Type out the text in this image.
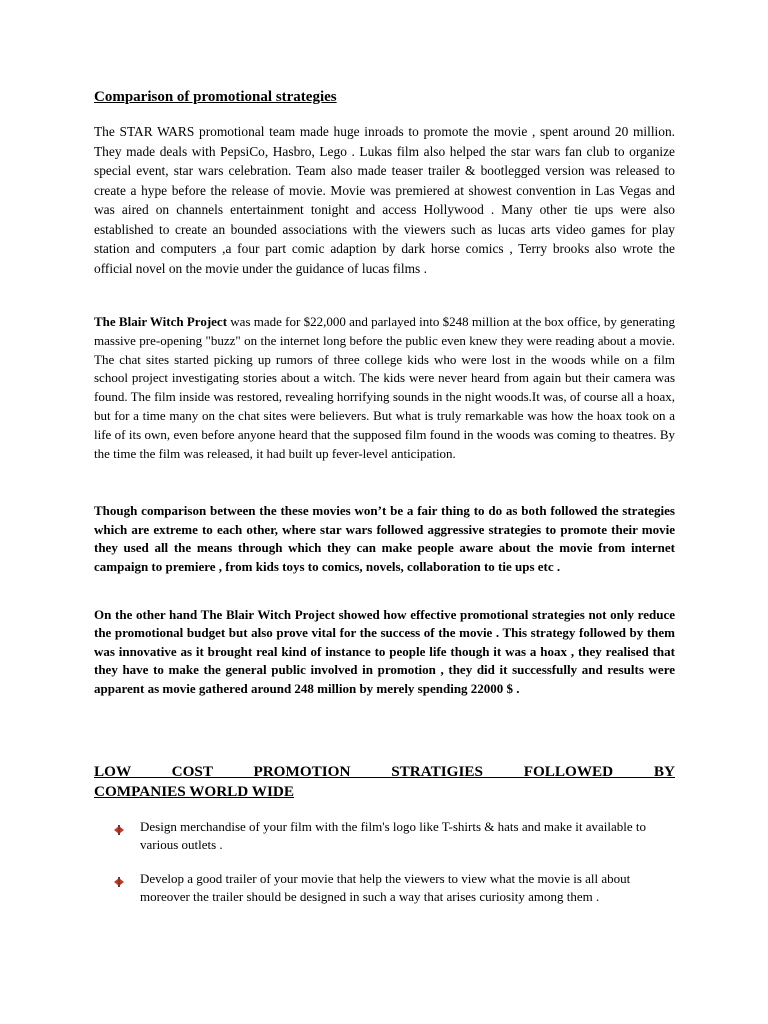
Comparison of promotional strategies

The STAR WARS promotional team made huge inroads to promote the movie , spent around 20 million. They made deals with PepsiCo, Hasbro, Lego . Lukas film also helped the star wars fan club to organize special event, star wars celebration. Team also made teaser trailer & bootlegged version was released to create a hype before the release of movie. Movie was premiered at showest convention in Las Vegas and was aired on channels entertainment tonight and access Hollywood . Many other tie ups were also established to create an bounded associations with the viewers such as lucas arts video games for play station and computers ,a four part comic adaption by dark horse comics , Terry brooks also wrote the official novel on the movie under the guidance of lucas films .

The Blair Witch Project was made for $22,000 and parlayed into $248 million at the box office, by generating massive pre-opening "buzz" on the internet long before the public even knew they were reading about a movie. The chat sites started picking up rumors of three college kids who were lost in the woods while on a film school project investigating stories about a witch. The kids were never heard from again but their camera was found. The film inside was restored, revealing horrifying sounds in the night woods.It was, of course all a hoax, but for a time many on the chat sites were believers. But what is truly remarkable was how the hoax took on a life of its own, even before anyone heard that the supposed film found in the woods was coming to theatres. By the time the film was released, it had built up fever-level anticipation.

Though comparison between the these movies won’t be a fair thing to do as both followed the strategies which are extreme to each other, where star wars followed aggressive strategies to promote their movie they used all the means through which they can make people aware about the movie from internet campaign to premiere , from kids toys to comics, novels, collaboration to tie ups etc .

On the other hand The Blair Witch Project showed how effective promotional strategies not only reduce the promotional budget but also prove vital for the success of the movie . This strategy followed by them was innovative as it brought real kind of instance to people life though it was a hoax , they realised that they have to make the general public involved in promotion , they did it successfully and results were apparent as movie gathered around 248 million by merely spending 22000 $ .

LOW COST PROMOTION STRATIGIES FOLLOWED BY
COMPANIES WORLD WIDE
Design merchandise of your film with the film's logo like T-shirts & hats and make it available to various outlets .
Develop a good trailer of your movie that help the viewers to view what the movie is all about moreover the trailer should be designed in such a way that arises curiosity among them .
